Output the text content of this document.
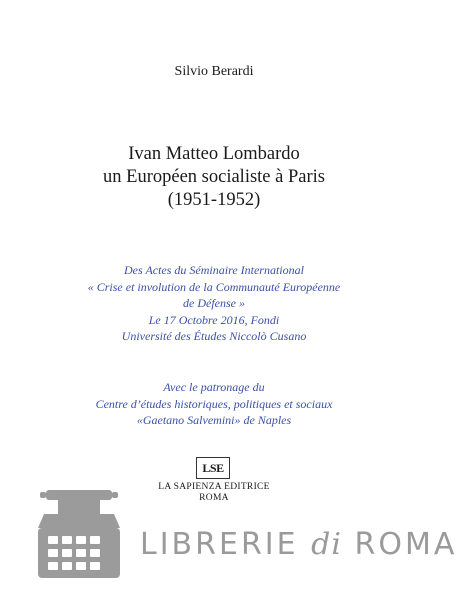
Silvio Berardi
Ivan Matteo Lombardo
un Européen socialiste à Paris
(1951-1952)
Des Actes du Séminaire International
« Crise et involution de la Communauté Européenne
de Défense »
Le 17 Octobre 2016, Fondi
Université des Études Niccolò Cusano
Avec le patronage du
Centre d’études historiques, politiques et sociaux
«Gaetano Salvemini» de Naples
LSE
LA SAPIENZA EDITRICE
ROMA
LIBRERIE di ROMA
